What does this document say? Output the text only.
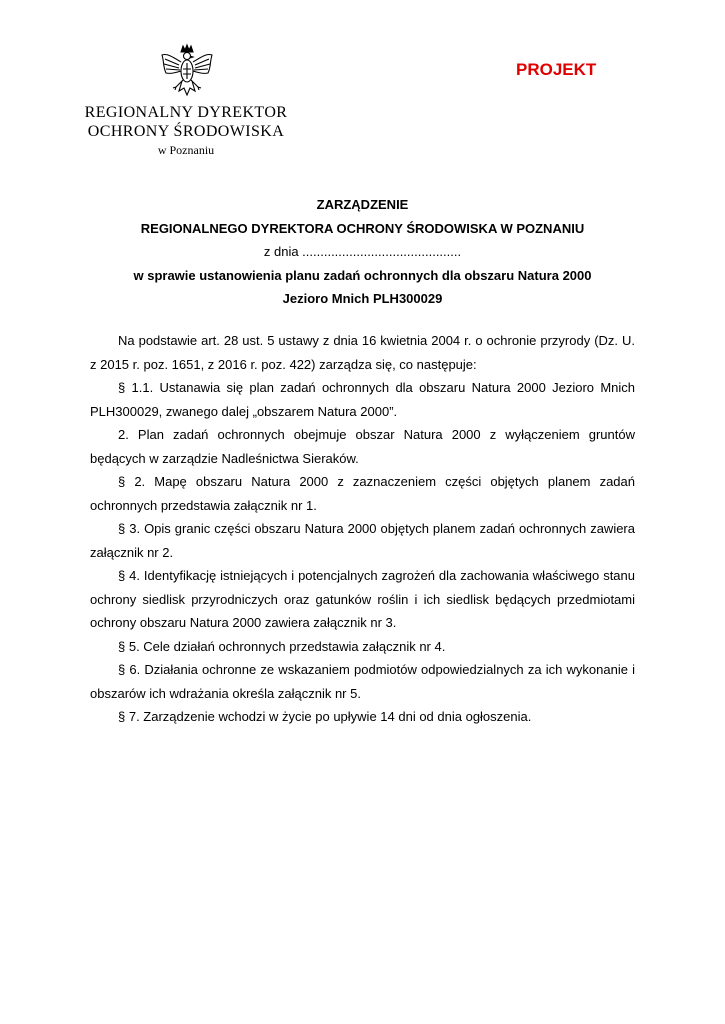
REGIONALNY DYREKTOR
OCHRONY ŚRODOWISKA
w Poznaniu
PROJEKT
ZARZĄDZENIE
REGIONALNEGO DYREKTORA OCHRONY ŚRODOWISKA W POZNANIU
z dnia ............................................
w sprawie ustanowienia planu zadań ochronnych dla obszaru Natura 2000
Jezioro Mnich PLH300029

Na podstawie art. 28 ust. 5 ustawy z dnia 16 kwietnia 2004 r. o ochronie przyrody (Dz. U. z 2015 r. poz. 1651, z 2016 r. poz. 422) zarządza się, co następuje:

§ 1.1. Ustanawia się plan zadań ochronnych dla obszaru Natura 2000 Jezioro Mnich PLH300029, zwanego dalej „obszarem Natura 2000”.

2. Plan zadań ochronnych obejmuje obszar Natura 2000 z wyłączeniem gruntów będących w zarządzie Nadleśnictwa Sieraków.

§ 2. Mapę obszaru Natura 2000 z zaznaczeniem części objętych planem zadań ochronnych przedstawia załącznik nr 1.

§ 3. Opis granic części obszaru Natura 2000 objętych planem zadań ochronnych zawiera załącznik nr 2.

§ 4. Identyfikację istniejących i potencjalnych zagrożeń dla zachowania właściwego stanu ochrony siedlisk przyrodniczych oraz gatunków roślin i ich siedlisk będących przedmiotami ochrony obszaru Natura 2000 zawiera załącznik nr 3.

§ 5. Cele działań ochronnych przedstawia załącznik nr 4.

§ 6. Działania ochronne ze wskazaniem podmiotów odpowiedzialnych za ich wykonanie i obszarów ich wdrażania określa załącznik nr 5.

§ 7. Zarządzenie wchodzi w życie po upływie 14 dni od dnia ogłoszenia.
